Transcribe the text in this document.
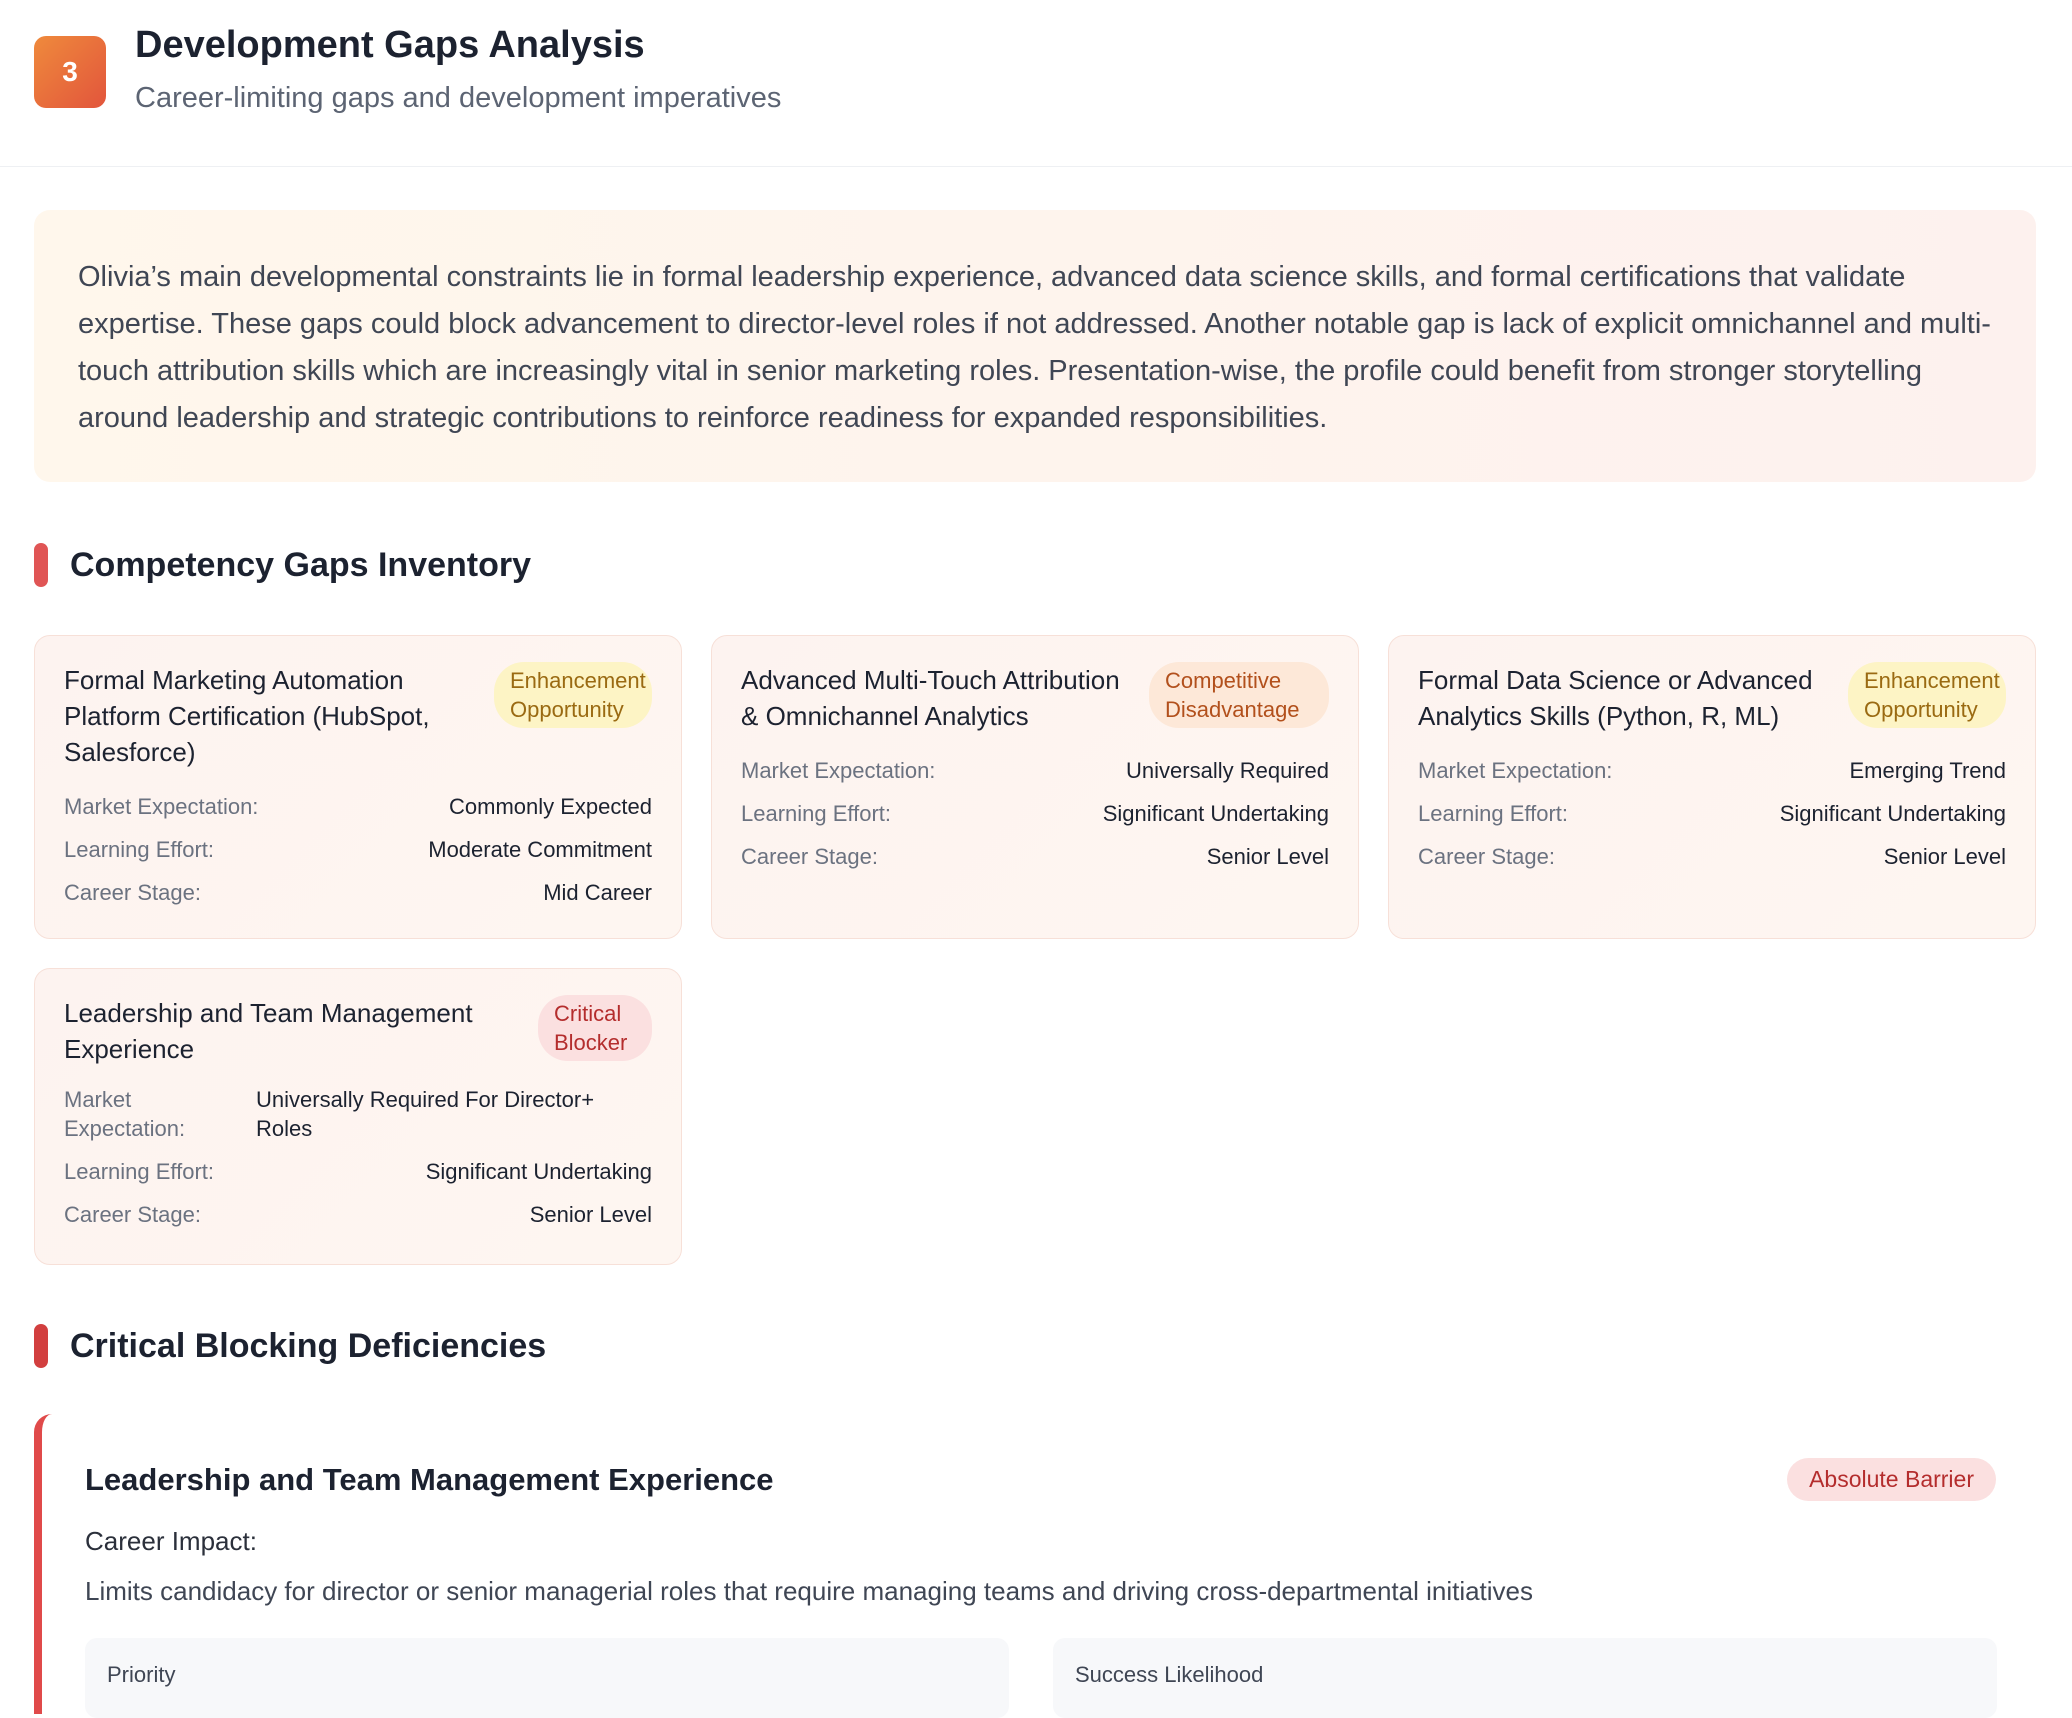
3
Development Gaps Analysis
Career-limiting gaps and development imperatives
Olivia’s main developmental constraints lie in formal leadership experience, advanced data science skills, and formal certifications that validate expertise. These gaps could block advancement to director-level roles if not addressed. Another notable gap is lack of explicit omnichannel and multi-touch attribution skills which are increasingly vital in senior marketing roles. Presentation-wise, the profile could benefit from stronger storytelling around leadership and strategic contributions to reinforce readiness for expanded responsibilities.
Competency Gaps Inventory
Formal Marketing Automation Platform Certification (HubSpot, Salesforce)
Enhancement Opportunity
Market Expectation:	Commonly Expected
Learning Effort:	Moderate Commitment
Career Stage:	Mid Career
Advanced Multi-Touch Attribution & Omnichannel Analytics
Competitive Disadvantage
Market Expectation:	Universally Required
Learning Effort:	Significant Undertaking
Career Stage:	Senior Level
Formal Data Science or Advanced Analytics Skills (Python, R, ML)
Enhancement Opportunity
Market Expectation:	Emerging Trend
Learning Effort:	Significant Undertaking
Career Stage:	Senior Level
Leadership and Team Management Experience
Critical Blocker
Market
Expectation:
Universally Required For Director+ Roles
Learning Effort:	Significant Undertaking
Career Stage:	Senior Level
Critical Blocking Deficiencies
Leadership and Team Management Experience	Absolute Barrier
Career Impact:
Limits candidacy for director or senior managerial roles that require managing teams and driving cross-departmental initiatives
Priority	Success Likelihood
